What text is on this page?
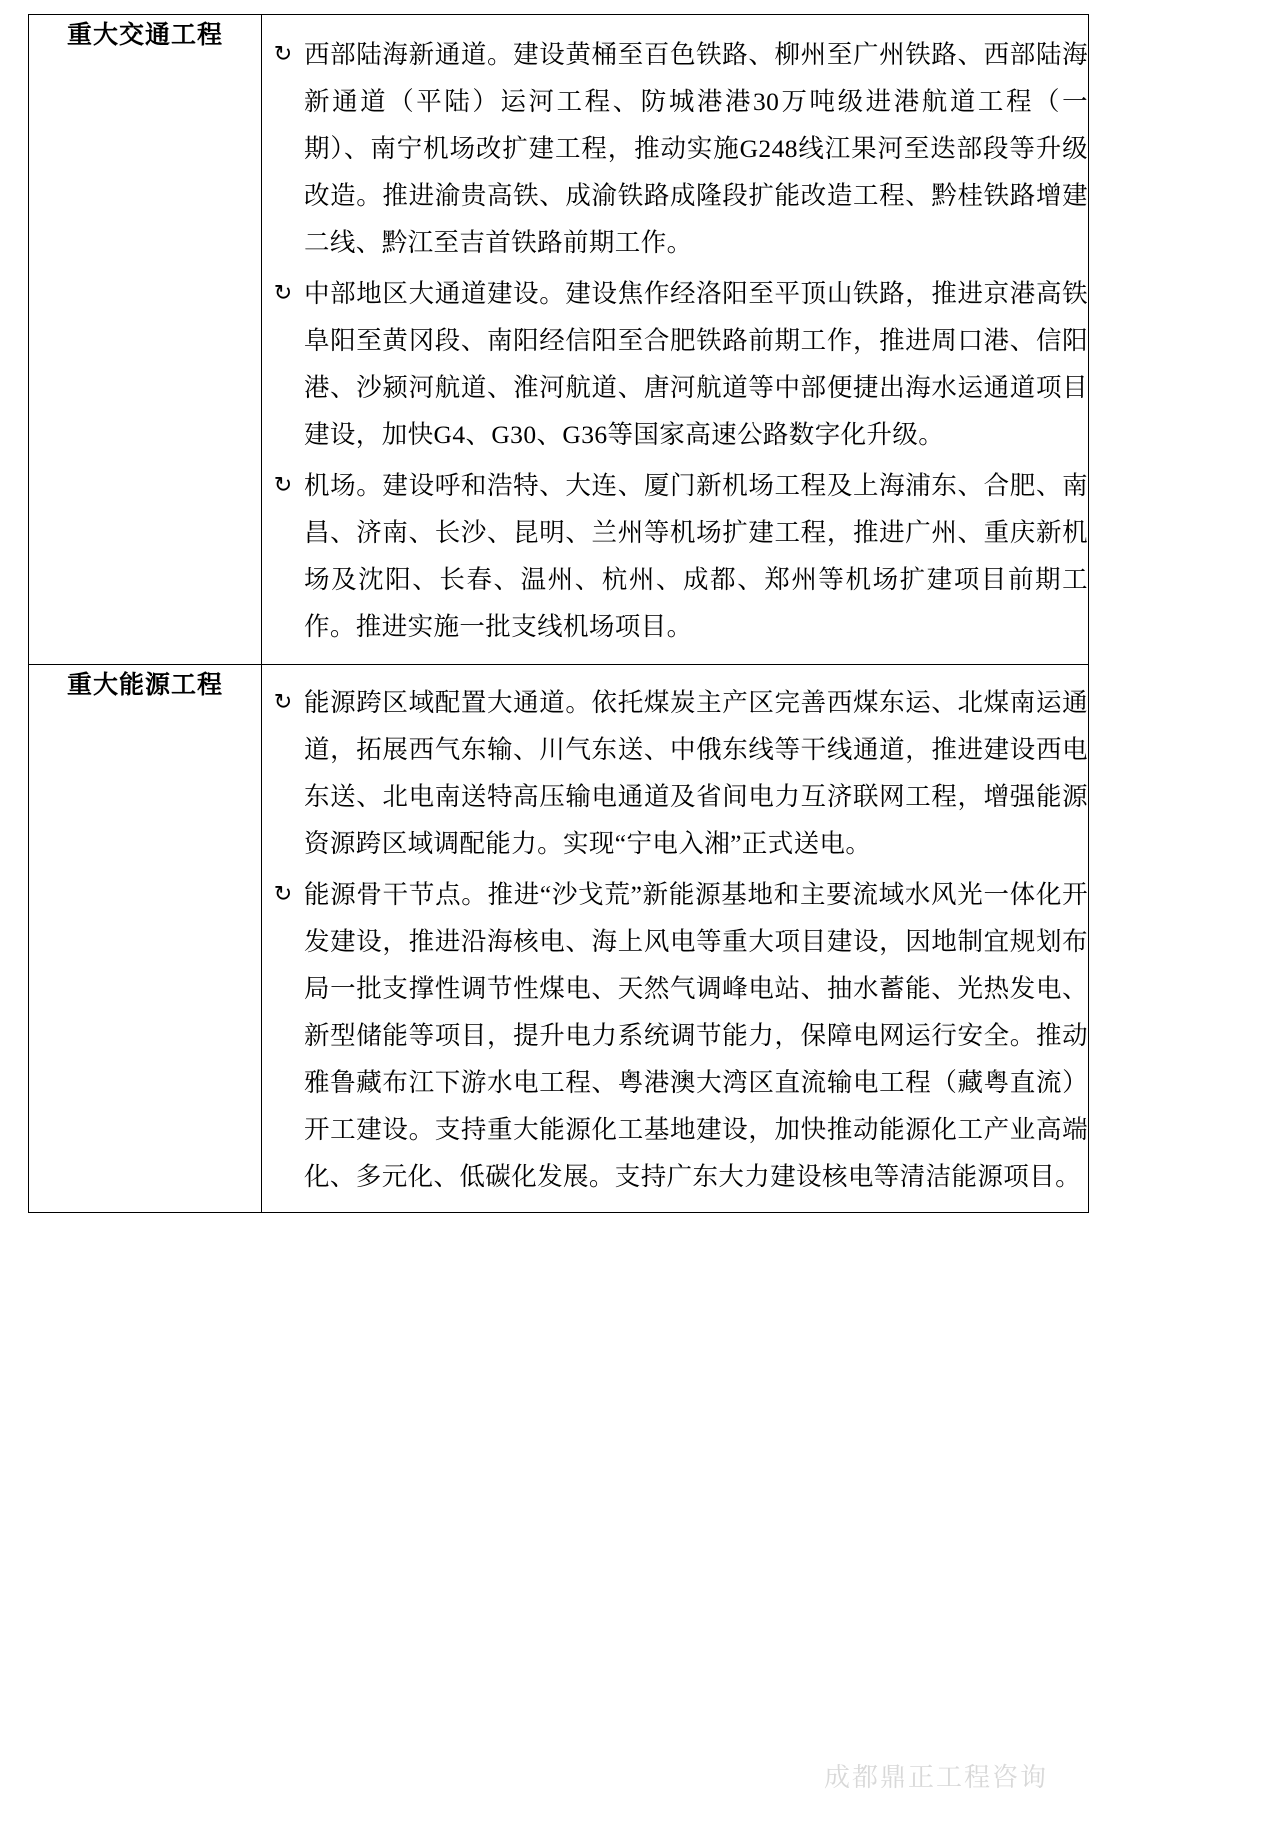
重大交通工程	
↻ 西部陆海新通道。建设黄桶至百色铁路、柳州至广州铁路、西部陆海新通道（平陆）运河工程、防城港港30万吨级进港航道工程（一期）、南宁机场改扩建工程，推动实施G248线江果河至迭部段等升级改造。推进渝贵高铁、成渝铁路成隆段扩能改造工程、黔桂铁路增建二线、黔江至吉首铁路前期工作。
↻ 中部地区大通道建设。建设焦作经洛阳至平顶山铁路，推进京港高铁阜阳至黄冈段、南阳经信阳至合肥铁路前期工作，推进周口港、信阳港、沙颍河航道、淮河航道、唐河航道等中部便捷出海水运通道项目建设，加快G4、G30、G36等国家高速公路数字化升级。
↻ 机场。建设呼和浩特、大连、厦门新机场工程及上海浦东、合肥、南昌、济南、长沙、昆明、兰州等机场扩建工程，推进广州、重庆新机场及沈阳、长春、温州、杭州、成都、郑州等机场扩建项目前期工作。推进实施一批支线机场项目。

重大能源工程	
↻ 能源跨区域配置大通道。依托煤炭主产区完善西煤东运、北煤南运通道，拓展西气东输、川气东送、中俄东线等干线通道，推进建设西电东送、北电南送特高压输电通道及省间电力互济联网工程，增强能源资源跨区域调配能力。实现“宁电入湘”正式送电。
↻ 能源骨干节点。推进“沙戈荒”新能源基地和主要流域水风光一体化开发建设，推进沿海核电、海上风电等重大项目建设，因地制宜规划布局一批支撑性调节性煤电、天然气调峰电站、抽水蓄能、光热发电、新型储能等项目，提升电力系统调节能力，保障电网运行安全。推动雅鲁藏布江下游水电工程、粤港澳大湾区直流输电工程（藏粤直流）开工建设。支持重大能源化工基地建设，加快推动能源化工产业高端化、多元化、低碳化发展。支持广东大力建设核电等清洁能源项目。
成都鼎正工程咨询
